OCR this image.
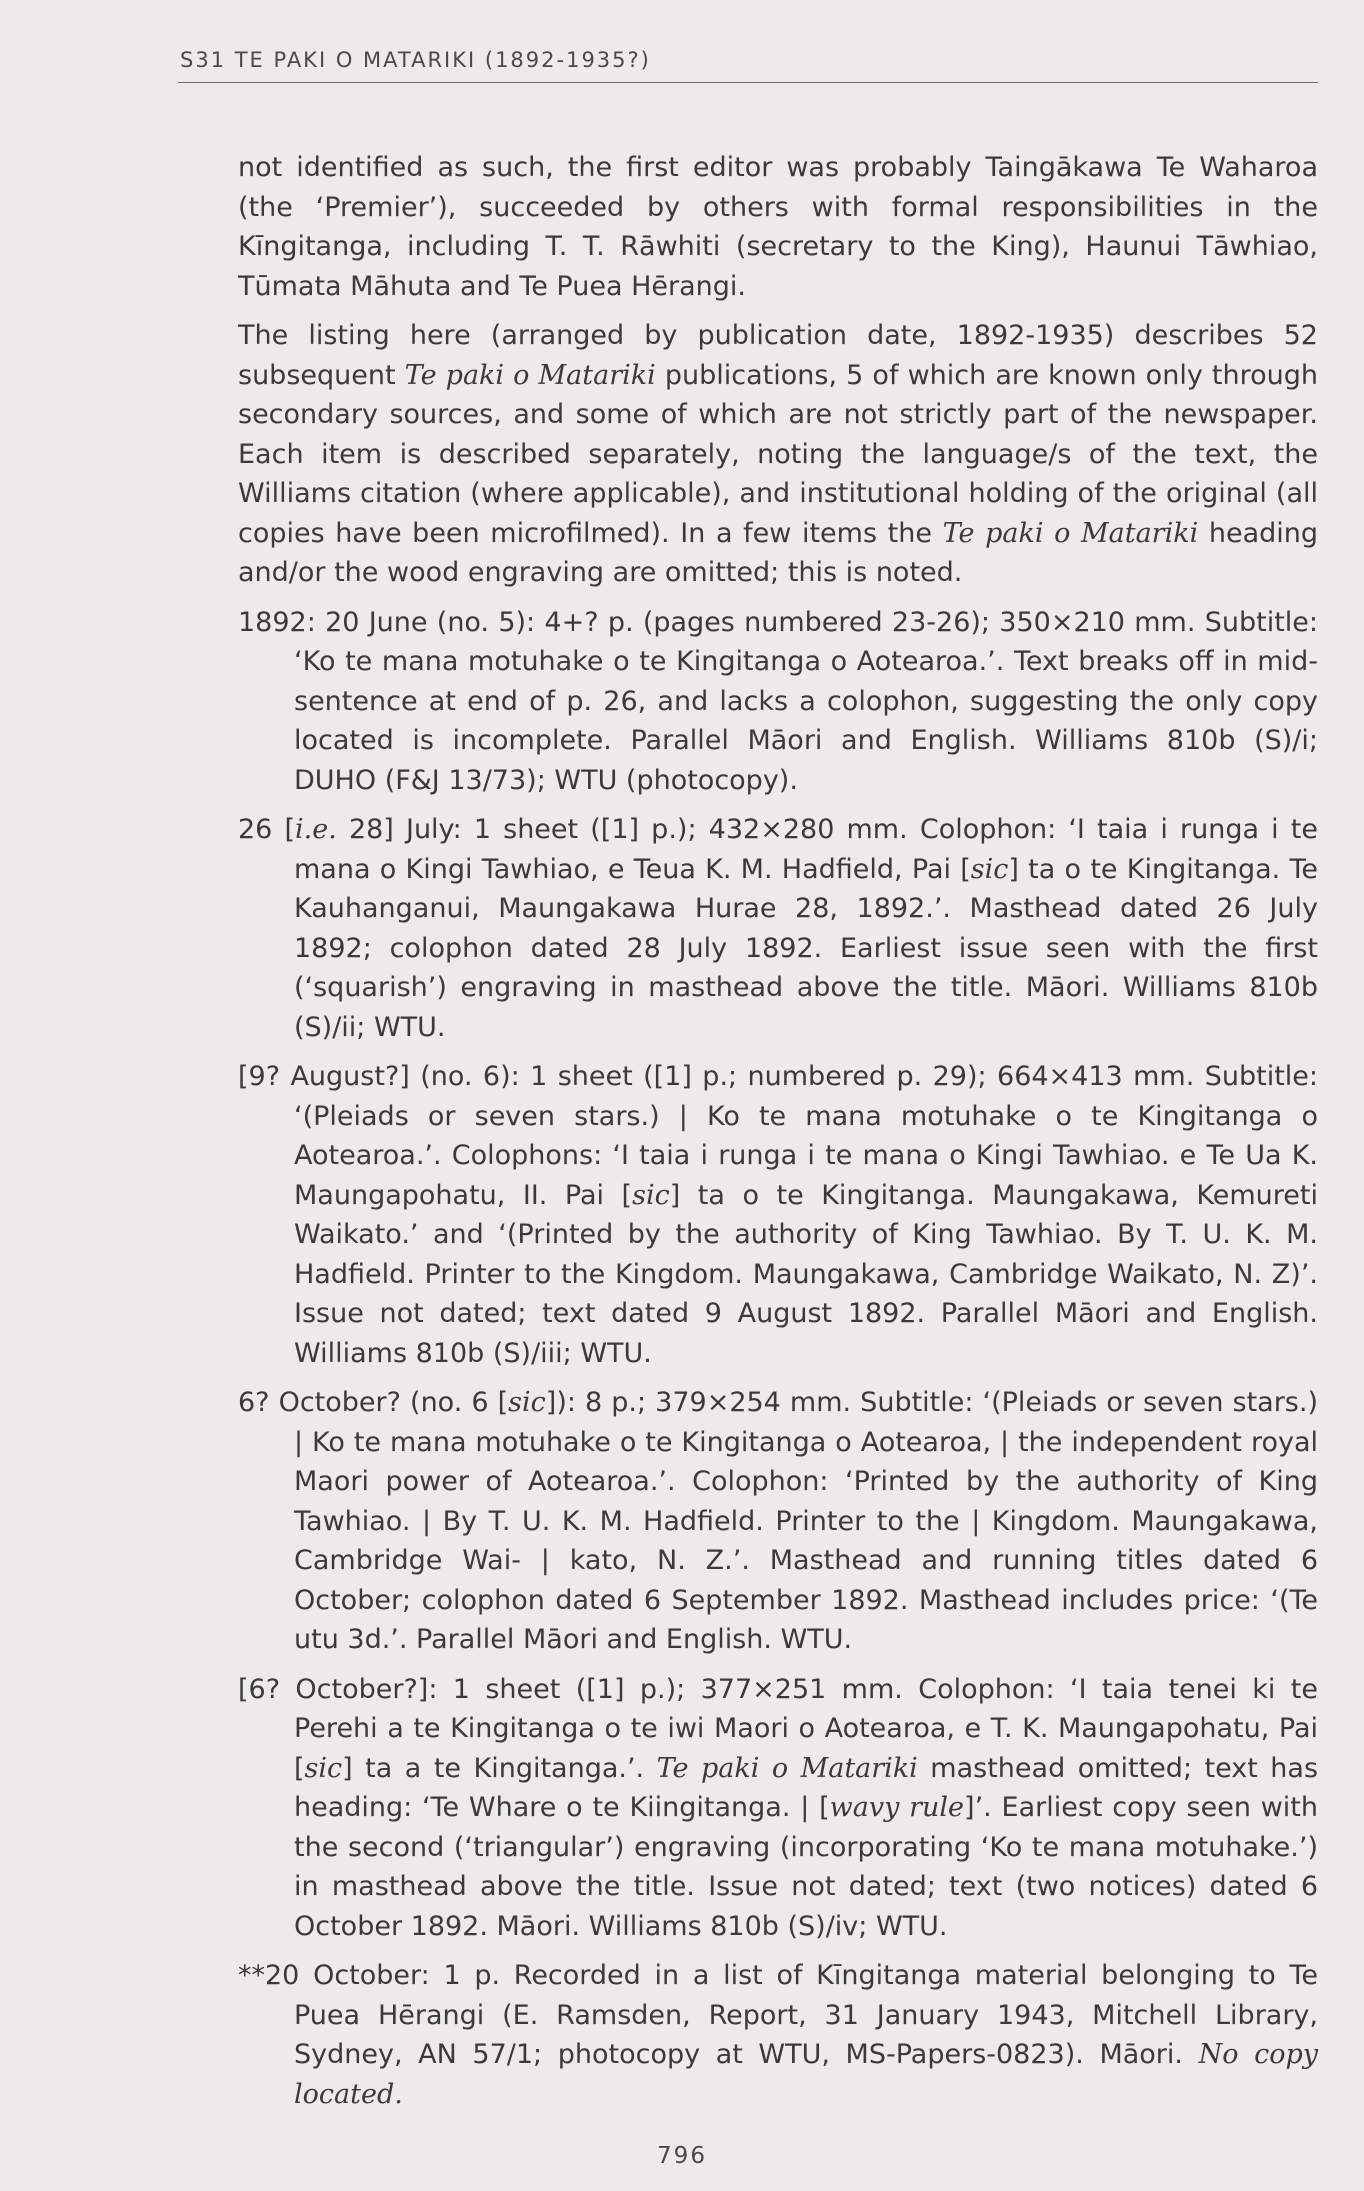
S31 TE PAKI O MATARIKI (1892-1935?)

not identified as such, the first editor was probably Taingākawa Te Waharoa (the ‘Premier’), succeeded by others with formal responsibilities in the Kīngitanga, including T. T. Rāwhiti (secretary to the King), Haunui Tāwhiao, Tūmata Māhuta and Te Puea Hērangi.

The listing here (arranged by publication date, 1892-1935) describes 52 subsequent Te paki o Matariki publications, 5 of which are known only through secondary sources, and some of which are not strictly part of the newspaper. Each item is described separately, noting the language/s of the text, the Williams citation (where applicable), and institutional holding of the original (all copies have been microfilmed). In a few items the Te paki o Matariki heading and/or the wood engraving are omitted; this is noted.

1892: 20 June (no. 5): 4+? p. (pages numbered 23-26); 350×210 mm. Subtitle: ‘Ko te mana motuhake o te Kingitanga o Aotearoa.’. Text breaks off in mid-sentence at end of p. 26, and lacks a colophon, suggesting the only copy located is incomplete. Parallel Māori and English. Williams 810b (S)/i; DUHO (F&J 13/73); WTU (photocopy).

26 [i.e. 28] July: 1 sheet ([1] p.); 432×280 mm. Colophon: ‘I taia i runga i te mana o Kingi Tawhiao, e Teua K. M. Hadfield, Pai [sic] ta o te Kingitanga. Te Kauhanganui, Maungakawa Hurae 28, 1892.’. Masthead dated 26 July 1892; colophon dated 28 July 1892. Earliest issue seen with the first (‘squarish’) engraving in masthead above the title. Māori. Williams 810b (S)/ii; WTU.

[9? August?] (no. 6): 1 sheet ([1] p.; numbered p. 29); 664×413 mm. Subtitle: ‘(Pleiads or seven stars.) | Ko te mana motuhake o te Kingitanga o Aotearoa.’. Colophons: ‘I taia i runga i te mana o Kingi Tawhiao. e Te Ua K. Maungapohatu, II. Pai [sic] ta o te Kingitanga. Maungakawa, Kemureti Waikato.’ and ‘(Printed by the authority of King Tawhiao. By T. U. K. M. Hadfield. Printer to the Kingdom. Maungakawa, Cambridge Waikato, N. Z)’. Issue not dated; text dated 9 August 1892. Parallel Māori and English. Williams 810b (S)/iii; WTU.

6? October? (no. 6 [sic]): 8 p.; 379×254 mm. Subtitle: ‘(Pleiads or seven stars.) | Ko te mana motuhake o te Kingitanga o Aotearoa, | the independent royal Maori power of Aotearoa.’. Colophon: ‘Printed by the authority of King Tawhiao. | By T. U. K. M. Hadfield. Printer to the | Kingdom. Maungakawa, Cambridge Wai- | kato, N. Z.’. Masthead and running titles dated 6 October; colophon dated 6 September 1892. Masthead includes price: ‘(Te utu 3d.’. Parallel Māori and English. WTU.

[6? October?]: 1 sheet ([1] p.); 377×251 mm. Colophon: ‘I taia tenei ki te Perehi a te Kingitanga o te iwi Maori o Aotearoa, e T. K. Maungapohatu, Pai [sic] ta a te Kingitanga.’. Te paki o Matariki masthead omitted; text has heading: ‘Te Whare o te Kiingitanga. | [wavy rule]’. Earliest copy seen with the second (‘triangular’) engraving (incorporating ‘Ko te mana motuhake.’) in masthead above the title. Issue not dated; text (two notices) dated 6 October 1892. Māori. Williams 810b (S)/iv; WTU.

**20 October: 1 p. Recorded in a list of Kīngitanga material belonging to Te Puea Hērangi (E. Ramsden, Report, 31 January 1943, Mitchell Library, Sydney, AN 57/1; photocopy at WTU, MS-Papers-0823). Māori. No copy located.

796
